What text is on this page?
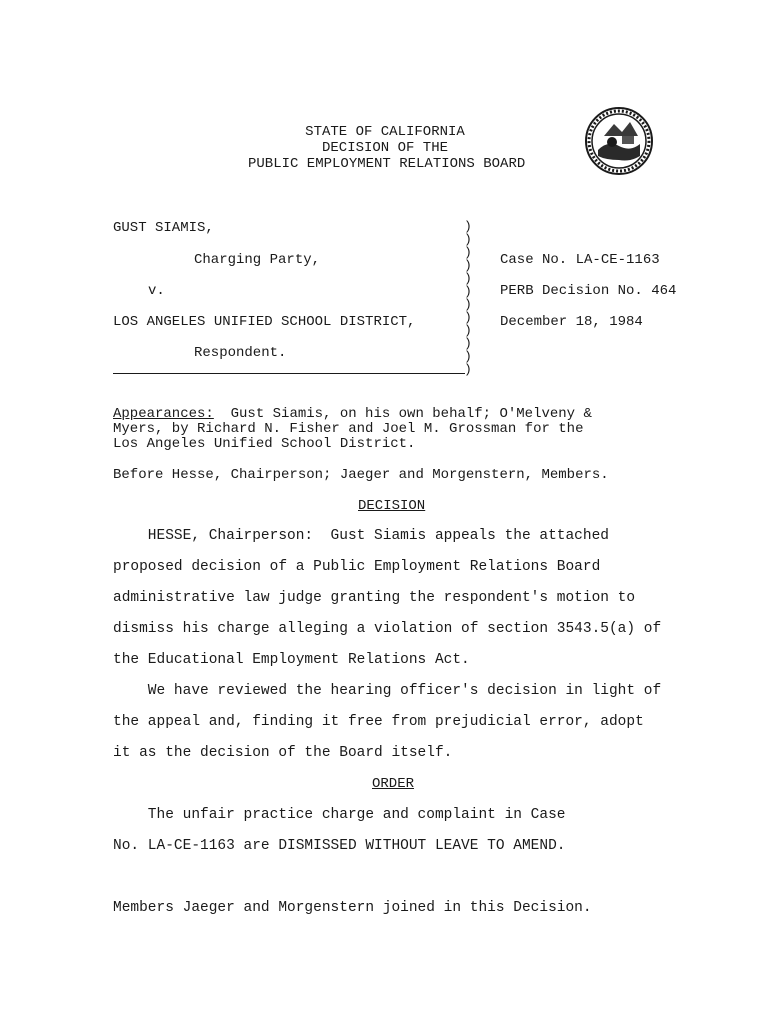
STATE OF CALIFORNIA
DECISION OF THE
PUBLIC EMPLOYMENT RELATIONS BOARD
GUST SIAMIS,
Charging Party,
v.
LOS ANGELES UNIFIED SCHOOL DISTRICT,
Respondent.
)
)
)
)
)
)
)
)
)
)
)
)
Case No. LA-CE-1163
PERB Decision No. 464
December 18, 1984
Appearances:  Gust Siamis, on his own behalf; O'Melveny &
Myers, by Richard N. Fisher and Joel M. Grossman for the
Los Angeles Unified School District.
Before Hesse, Chairperson; Jaeger and Morgenstern, Members.
DECISION
HESSE, Chairperson:  Gust Siamis appeals the attached
proposed decision of a Public Employment Relations Board
administrative law judge granting the respondent's motion to
dismiss his charge alleging a violation of section 3543.5(a) of
the Educational Employment Relations Act.
We have reviewed the hearing officer's decision in light of
the appeal and, finding it free from prejudicial error, adopt
it as the decision of the Board itself.
ORDER
The unfair practice charge and complaint in Case
No. LA-CE-1163 are DISMISSED WITHOUT LEAVE TO AMEND.
Members Jaeger and Morgenstern joined in this Decision.
